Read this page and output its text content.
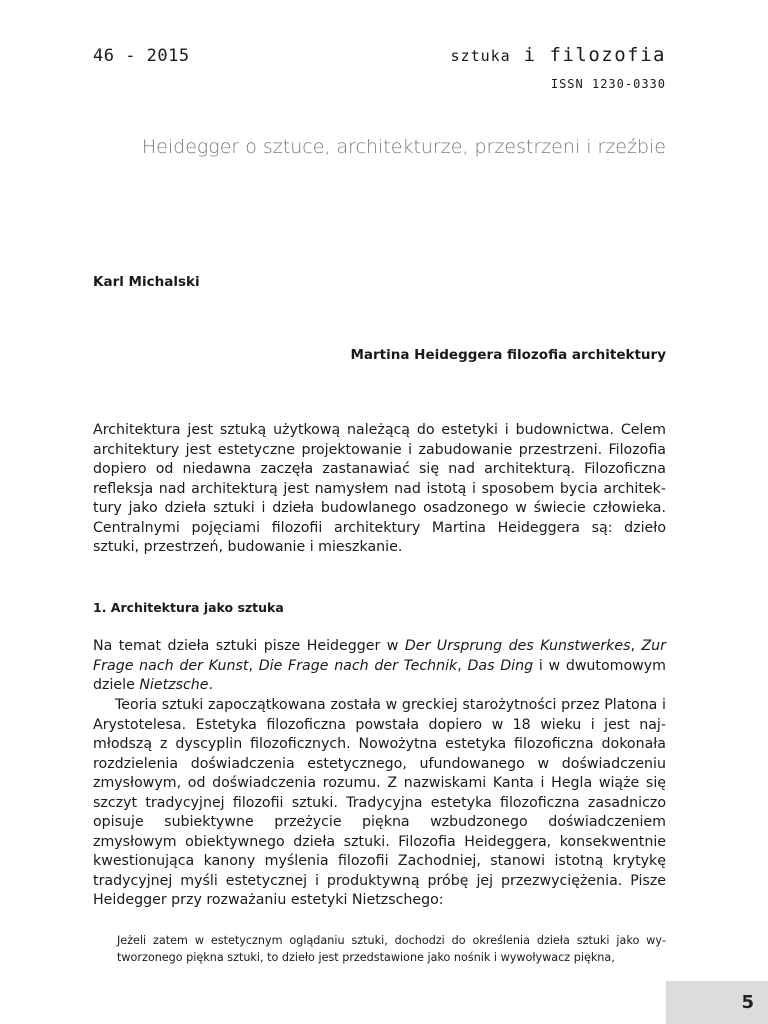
46 - 2015	sztuka i filozofia
ISSN 1230-0330
Heidegger o sztuce, architekturze, przestrzeni i rzeźbie
Karl Michalski
Martina Heideggera filozofia architektury

Architektura jest sztuką użytkową należącą do estetyki i budownictwa. Celem architektury jest estetyczne projektowanie i zabudowanie przestrzeni. Filozofia dopiero od niedawna zaczęła zastanawiać się nad architekturą. Filozoficzna refleksja nad architekturą jest namysłem nad istotą i sposobem bycia architektury jako dzieła sztuki i dzieła budowlanego osadzonego w świecie człowieka. Centralnymi pojęciami filozofii architektury Martina Heideggera są: dzieło sztuki, przestrzeń, budowanie i mieszkanie.

1. Architektura jako sztuka

Na temat dzieła sztuki pisze Heidegger w Der Ursprung des Kunstwerkes, Zur Frage nach der Kunst, Die Frage nach der Technik, Das Ding i w dwutomowym dziele Nietzsche.

Teoria sztuki zapoczątkowana została w greckiej starożytności przez Platona i Arystotelesa. Estetyka filozoficzna powstała dopiero w 18 wieku i jest najmłodszą z dyscyplin filozoficznych. Nowożytna estetyka filozoficzna dokonała rozdzielenia doświadczenia estetycznego, ufundowanego w doświadczeniu zmysłowym, od doświadczenia rozumu. Z nazwiskami Kanta i Hegla wiąże się szczyt tradycyjnej filozofii sztuki. Tradycyjna estetyka filozoficzna zasadniczo opisuje subiektywne przeżycie piękna wzbudzonego doświadczeniem zmysłowym obiektywnego dzieła sztuki. Filozofia Heideggera, konsekwentnie kwestionująca kanony myślenia filozofii Zachodniej, stanowi istotną krytykę tradycyjnej myśli estetycznej i produktywną próbę jej przezwyciężenia. Pisze Heidegger przy rozważaniu estetyki Nietzschego:

Jeżeli zatem w estetycznym oglądaniu sztuki, dochodzi do określenia dzieła sztuki jako wytworzonego piękna sztuki, to dzieło jest przedstawione jako nośnik i wywoływacz piękna,

5
